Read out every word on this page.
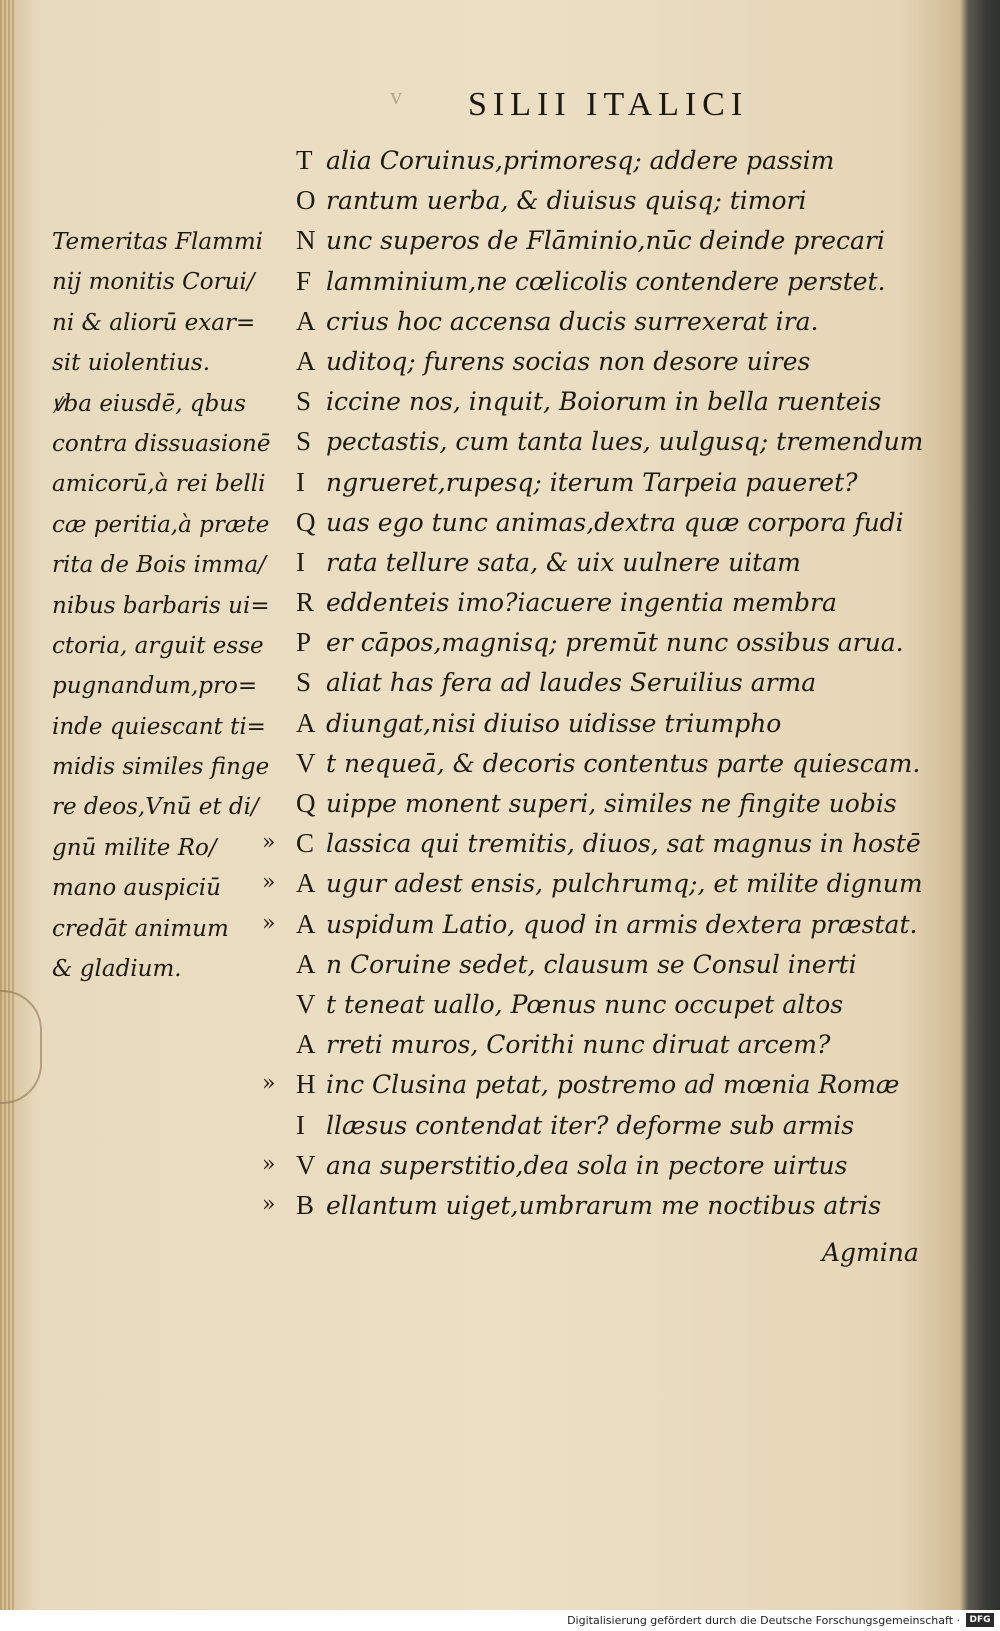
v SILII ITALICI
Temeritas Flammi
nij monitis Corui/
ni & aliorū exar=
sit uiolentius.
ꝟba eiusdē, qbus
contra dissuasionē
amicorū,à rei belli
cæ peritia,à præte
rita de Bois imma/
nibus barbaris ui=
ctoria, arguit esse
pugnandum,pro=
inde quiescant ti=
midis similes finge
re deos,Vnū et di/
gnū milite Ro/
mano auspiciū
credāt animum
& gladium.
T alia Coruinus,primoresq; addere passim
O rantum uerba, & diuisus quisq; timori
N unc superos de Flāminio,nūc deinde precari
F lamminium,ne cœlicolis contendere perstet.
A crius hoc accensa ducis surrexerat ira.
A uditoq; furens socias non desore uires
S iccine nos, inquit, Boiorum in bella ruenteis
S pectastis, cum tanta lues, uulgusq; tremendum
I ngrueret,rupesq; iterum Tarpeia paueret?
Q uas ego tunc animas,dextra quæ corpora fudi
I rata tellure sata, & uix uulnere uitam
R eddenteis imo?iacuere ingentia membra
P er cāpos,magnisq; premūt nunc ossibus arua.
S aliat has fera ad laudes Seruilius arma
A diungat,nisi diuiso uidisse triumpho
V t nequeā, & decoris contentus parte quiescam.
Q uippe monent superi, similes ne fingite uobis
» C lassica qui tremitis, diuos, sat magnus in hostē
» A ugur adest ensis, pulchrumq;, et milite dignum
» A uspidum Latio, quod in armis dextera præstat.
A n Coruine sedet, clausum se Consul inerti
V t teneat uallo, Pœnus nunc occupet altos
A rreti muros, Corithi nunc diruat arcem?
» H inc Clusina petat, postremo ad mœnia Romæ
I llæsus contendat iter? deforme sub armis
» V ana superstitio,dea sola in pectore uirtus
» B ellantum uiget,umbrarum me noctibus atris
Agmina
Digitalisierung gefördert durch die Deutsche Forschungsgemeinschaft ·	DFG
